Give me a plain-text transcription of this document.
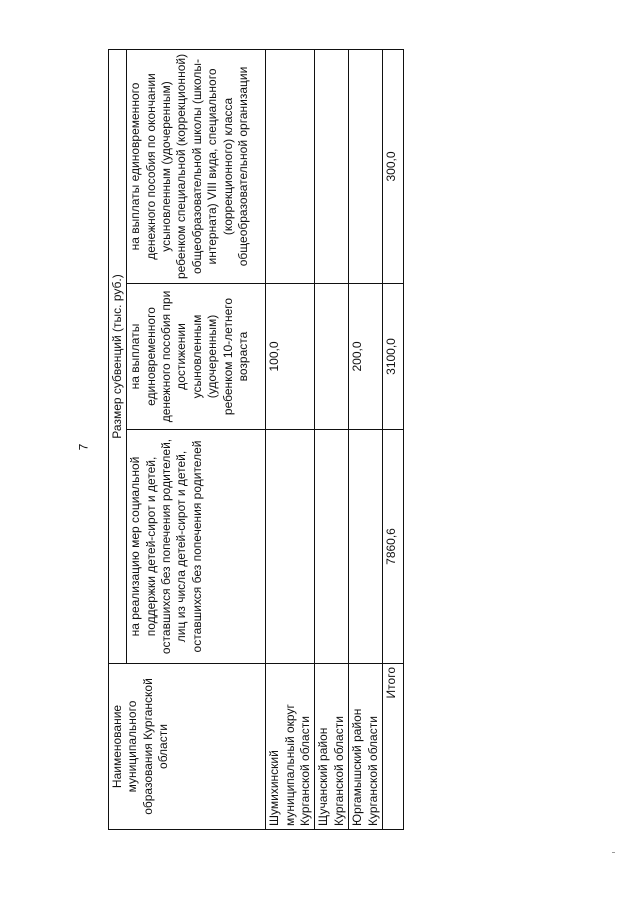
7
Наименование муниципального образования Курганской области	Размер субвенций (тыс. руб.)		
	на реализацию мер социальной поддержки детей-сирот и детей, оставшихся без попечения родителей, лиц из числа детей-сирот и детей, оставшихся без попечения родителей	на выплаты единовременного денежного пособия при достижении усыновленным (удочеренным) ребенком 10-летнего возраста	на выплаты единовременного денежного пособия по окончании усыновленным (удочеренным) ребенком специальной (коррекционной) общеобразовательной школы (школы-интерната) VIII вида, специального (коррекционного) класса общеобразовательной организации
Шумихинский муниципальный округ Курганской области		100,0	
Щучанский район Курганской области			
Юргамышский район Курганской области		200,0	
Итого	7860,6	3100,0	300,0
